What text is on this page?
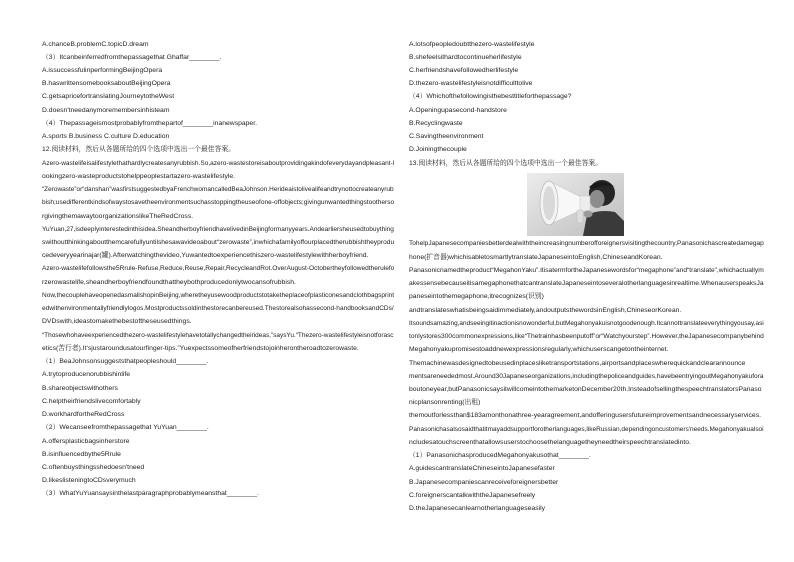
A.chanceB.problemC.topicD.dream
（3）Itcanbeinferredfromthepassagethat Ghaffar________.
A.issuccessfulinperformingBeijingOpera
B.haswrittensomebooksaboutBeijingOpera
C.getsapricefortranslatingJourneytotheWest
D.doesn'tneedanymoremembersinhisteam
（4）Thepassageismostprobablyfromthepartof________inanewspaper.
A.sports B.business C.culture D.education
12.阅读材料，然后从各题所给的四个选项中选出一个最佳答案。
Azero-wastelifeisalifestylethathardlycreatesanyrubbish.So,azero-wastestoreisaboutprovidingakindofeverydayandpleasant-l
ookingzero-wasteproductstohelppeoplestartazero-wastelifestyle.
“Zerowaste”or“danshan”wasfirstsuggestedbyaFrenchwomancalledBeaJohnson.Herideaistolivealifeandtrynottocreateanyrub
bish;usedifferentkindsofwaystosavetheenvironmentsuchasstoppingtheuseofone-offobjects;givingunwantedthingstootherso
rgivingthemawaytoorganizationslikeTheRedCross.
YuYuan,27,isdeeplyinterestedinthisidea.SheandherboyfriendhavelivedinBeijingformanyyears.Andearliersheusedtobuything
swithoutthinkingaboutthemcarefullyuntilshesawavideoabout“zerowaste”,inwhichafamilyoffourplacedtherubbishtheyprodu
cedeveryyearinajar(罐).Afterwatchingthevideo,Yuwantedtoexperiencethiszero-wastelifestylewithherboyfriend.
Azero-wastelifefollowsthe5Rrule-Refuse,Reduce,Reuse,Repair,RecycleandRot.OverAugust-Octobertheyfollowedtherulefo
rzerowastelife,sheandherboyfriendfoundthattheybothproducedonlytwocansofrubbish.
Now,thecouplehaveopenedasmallshopinBeijing,wheretheyusewoodproductstotaketheplaceofplasticonesandclothbagsprint
edwithenvironmentallyfriendlylogos.Mostproductssoldinthestorecanbereused.Thestorealsohassecond-handbooksandCDs/
DVDswith,ideastomakethebestoftheseusedthings.
“Thosewhohaveexperiencedthezero-wastelifestylehavetotallychangedtheirideas,”saysYu.“Thezero-wastelifestyleisnotforasc
etics(苦行者).It'sjustaroundusatourfinger-tips.”Yuexpectssomeofherfriendstojoinherontheroadtozerowaste.
（1）BeaJohnsonsuggeststhatpeopleshould________.
A.trytoproducenorubbishinlife
B.shareobjectswithothers
C.helptheirfriendslivecomfortably
D.workhardfortheRedCross
（2）Wecanseefromthepassagethat YuYuan________.
A.offersplasticbagsinherstore
B.isinfluencedbythe5Rrule
C.oftenbuysthingsshedoesn'tneed
D.likeslisteningtoCDsverymuch
（3）WhatYuYuansaysinthelastparagraphprobablymeansthat________.
A.lotsofpeopledoubtthezero-wastelifestyle
B.shefeelsithardtocontinueherlifestyle
C.herfriendshavefollowedherlifestyle
D.thezero-wastelifestyleisnotdifficulttolive
（4）Whichofthefollowingisthebesttitleforthepassage?
A.Openingupasecond-handstore
B.Recyclingwaste
C.Savingtheenvironment
D.Joiningthecouple
13.阅读材料，然后从各题所给的四个选项中选出一个最佳答案。
TohelpJapanesecompaniesbetterdealwiththeincreasingnumberofforeignersvisitingthecountry,Panasonichascreatedamegap
hone(扩音器)whichisabletosmartlytranslateJapaneseintoEnglish,ChineseandKorean.
Panasonicnamedtheproduct“MegahonYaku”.ItisatermfortheJapanesewordsfor“megaphone”and“translate”,whichactuallym
akessensebecauseitisamegaphonethatcantranslateJapaneseintoseveralotherlanguagesinrealtime.WhenauserspeaksJa
paneseintothemegaphone,itrecognizes(识别)
andtranslateswhatisbeingsaidimmediately,andoutputsthewordsinEnglish,ChineseorKorean.
Itsoundsamazing,andseeingitinactionisnowonderful,butMegahonyakuisnotgoodenough.Itcannottranslateeverythingyousay,asi
tonlystores300commonexpressions,like“Thetrainhasbeenputoff”or“Watchyourstep”.However,theJapanesecompanybehind
Megahonyakupromisestoaddnewexpressionsregularly,whichuserscangetontheinternet.
Themachinewasdesignedtobeusedinplacesliketransportstations,airportsandplaceswherequickandclearannounce
mentsareneededmost.Around30Japaneseorganizations,includingthepoliceandguides,havebeentryingoutMegahonyakufora
boutoneyear,butPanasonicsaysitwillcomeintothemarketonDecember20th.InsteadofsellingthespeechtranslatorsPanaso
nicplansonrenting(出租)
themoutforlessthan$183amonthonathree-yearagreement,andofferingusersfutureimprovementsandnecessaryservices.
Panasonichasalsosaidthatitmayaddsupportforotherlanguages,likeRussian,dependingoncustomers'needs.Megahonyakualsoi
ncludesatouchscreenthatallowsuserstochoosethelanguagetheyneedtheirspeechtranslatedinto.
（1）PanasonichasproducedMegahonyakusothat________.
A.guidescantranslateChineseintoJapanesefaster
B.Japanesecompaniescanreceiveforeignersbetter
C.foreignerscantalkwiththeJapanesefreely
D.theJapanesecanlearnotherlanguageseasily
